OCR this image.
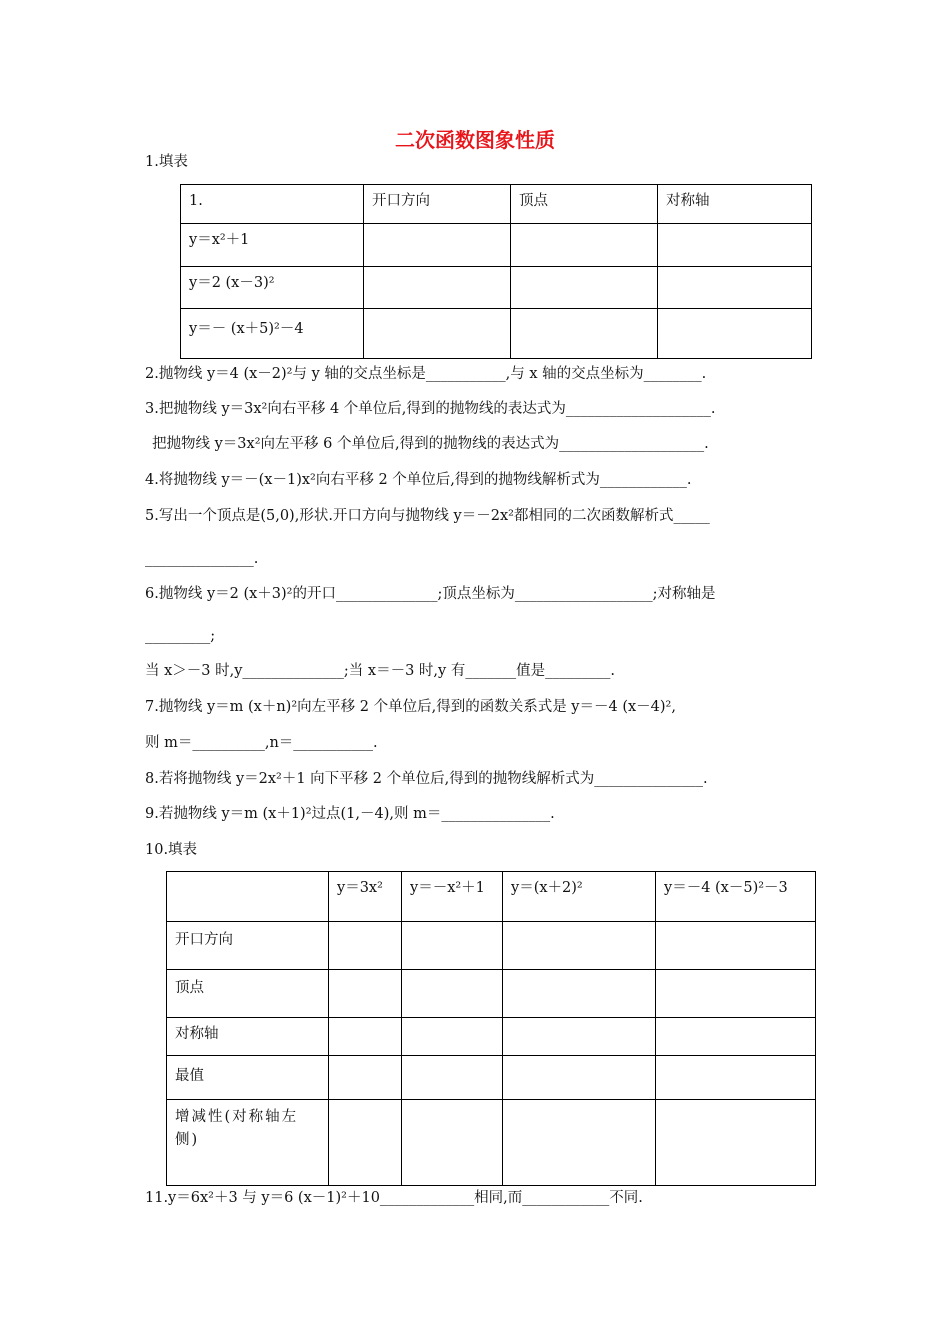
二次函数图象性质
1.填表
1.	开口方向	顶点	对称轴
y＝x²＋1			
y＝2 (x－3)²			
y＝－ (x＋5)²－4			
2.抛物线 y＝4 (x－2)²与 y 轴的交点坐标是___________,与 x 轴的交点坐标为________.
3.把抛物线 y＝3x²向右平移 4 个单位后,得到的抛物线的表达式为____________________.
把抛物线 y＝3x²向左平移 6 个单位后,得到的抛物线的表达式为____________________.
4.将抛物线 y＝－(x－1)x²向右平移 2 个单位后,得到的抛物线解析式为____________.
5.写出一个顶点是(5,0),形状.开口方向与抛物线 y＝－2x²都相同的二次函数解析式_____
_______________.
6.抛物线 y＝2 (x＋3)²的开口______________;顶点坐标为___________________;对称轴是
_________;
当 x＞－3 时,y______________;当 x＝－3 时,y 有_______值是_________.
7.抛物线 y＝m (x＋n)²向左平移 2 个单位后,得到的函数关系式是 y＝－4 (x－4)²,
则 m＝__________,n＝___________.
8.若将抛物线 y＝2x²＋1 向下平移 2 个单位后,得到的抛物线解析式为_______________.
9.若抛物线 y＝m (x＋1)²过点(1,－4),则 m＝_______________.
10.填表
	y＝3x²	y＝－x²＋1	y＝(x＋2)²	y＝－4 (x－5)²－3
开口方向				
顶点				
对称轴				
最值				
增减性(对称轴左侧)				
11.y＝6x²＋3 与 y＝6 (x－1)²＋10_____________相同,而____________不同.
